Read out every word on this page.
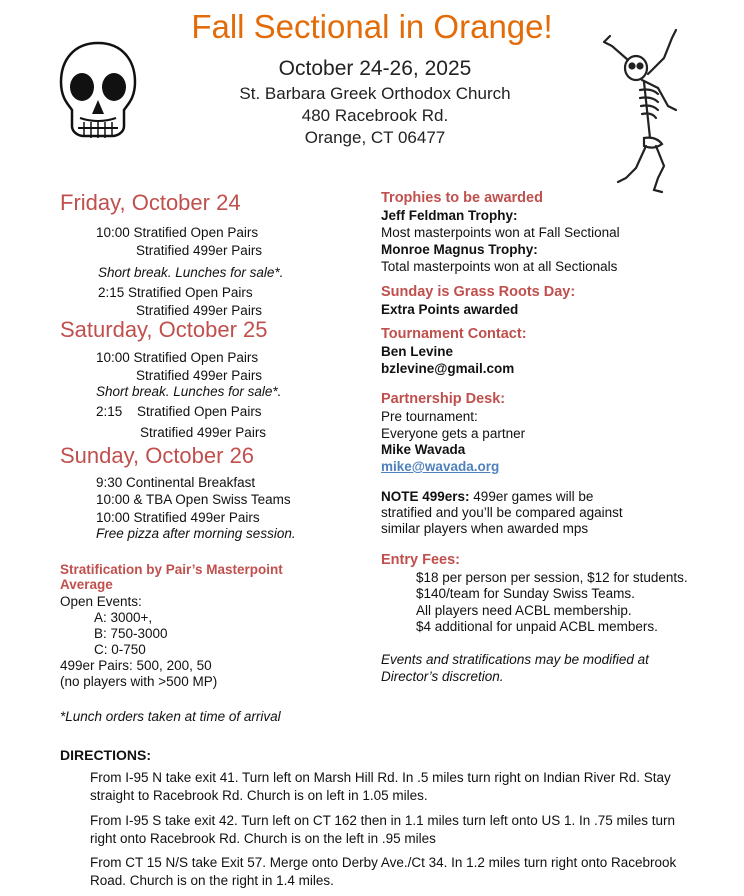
Fall Sectional in Orange!
October 24-26, 2025
St. Barbara Greek Orthodox Church
480 Racebrook Rd.
Orange, CT 06477
Friday, October 24
10:00 Stratified Open Pairs
Stratified 499er Pairs
Short break. Lunches for sale*.
2:15 Stratified Open Pairs
Stratified 499er Pairs
Saturday, October 25
10:00 Stratified Open Pairs
Stratified 499er Pairs
Short break. Lunches for sale*.
2:15 Stratified Open Pairs
Stratified 499er Pairs
Sunday, October 26
9:30 Continental Breakfast
10:00 & TBA Open Swiss Teams
10:00 Stratified 499er Pairs
Free pizza after morning session.
Stratification by Pair’s Masterpoint
Average
Open Events:
A: 3000+,
B: 750-3000
C: 0-750
499er Pairs: 500, 200, 50
(no players with >500 MP)
*Lunch orders taken at time of arrival
Trophies to be awarded
Jeff Feldman Trophy:
Most masterpoints won at Fall Sectional
Monroe Magnus Trophy:
Total masterpoints won at all Sectionals
Sunday is Grass Roots Day:
Extra Points awarded
Tournament Contact:
Ben Levine
bzlevine@gmail.com
Partnership Desk:
Pre tournament:
Everyone gets a partner
Mike Wavada
mike@wavada.org
NOTE 499ers: 499er games will be
stratified and you’ll be compared against
similar players when awarded mps
Entry Fees:
$18 per person per session, $12 for students.
$140/team for Sunday Swiss Teams.
All players need ACBL membership.
$4 additional for unpaid ACBL members.
Events and stratifications may be modified at
Director’s discretion.
DIRECTIONS:
From I-95 N take exit 41. Turn left on Marsh Hill Rd. In .5 miles turn right on Indian River Rd. Stay straight to Racebrook Rd. Church is on left in 1.05 miles.
From I-95 S take exit 42. Turn left on CT 162 then in 1.1 miles turn left onto US 1. In .75 miles turn right onto Racebrook Rd. Church is on the left in .95 miles
From CT 15 N/S take Exit 57. Merge onto Derby Ave./Ct 34. In 1.2 miles turn right onto Racebrook Road. Church is on the right in 1.4 miles.
